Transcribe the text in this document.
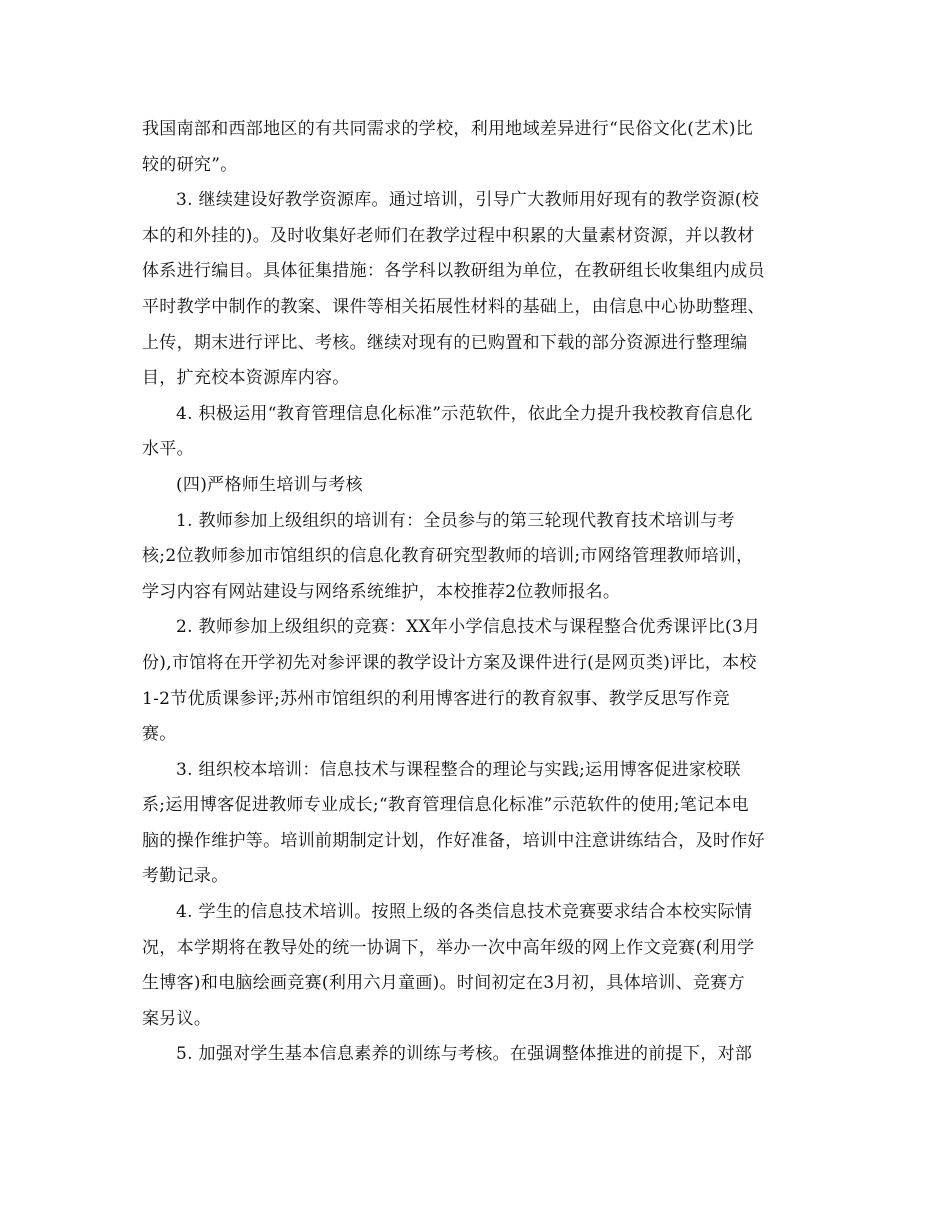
我国南部和西部地区的有共同需求的学校，利用地域差异进行“民俗文化(艺术)比
较的研究”。
3. 继续建设好教学资源库。通过培训，引导广大教师用好现有的教学资源(校
本的和外挂的)。及时收集好老师们在教学过程中积累的大量素材资源，并以教材
体系进行编目。具体征集措施：各学科以教研组为单位，在教研组长收集组内成员
平时教学中制作的教案、课件等相关拓展性材料的基础上，由信息中心协助整理、
上传，期末进行评比、考核。继续对现有的已购置和下载的部分资源进行整理编
目，扩充校本资源库内容。
4. 积极运用“教育管理信息化标准”示范软件，依此全力提升我校教育信息化
水平。
(四)严格师生培训与考核
1. 教师参加上级组织的培训有：全员参与的第三轮现代教育技术培训与考
核;2位教师参加市馆组织的信息化教育研究型教师的培训;市网络管理教师培训，
学习内容有网站建设与网络系统维护，本校推荐2位教师报名。
2. 教师参加上级组织的竞赛：XX年小学信息技术与课程整合优秀课评比(3月
份),市馆将在开学初先对参评课的教学设计方案及课件进行(是网页类)评比，本校
1-2节优质课参评;苏州市馆组织的利用博客进行的教育叙事、教学反思写作竞
赛。
3. 组织校本培训：信息技术与课程整合的理论与实践;运用博客促进家校联
系;运用博客促进教师专业成长;“教育管理信息化标准”示范软件的使用;笔记本电
脑的操作维护等。培训前期制定计划，作好准备，培训中注意讲练结合，及时作好
考勤记录。
4. 学生的信息技术培训。按照上级的各类信息技术竞赛要求结合本校实际情
况，本学期将在教导处的统一协调下，举办一次中高年级的网上作文竞赛(利用学
生博客)和电脑绘画竞赛(利用六月童画)。时间初定在3月初，具体培训、竞赛方
案另议。
5. 加强对学生基本信息素养的训练与考核。在强调整体推进的前提下，对部
